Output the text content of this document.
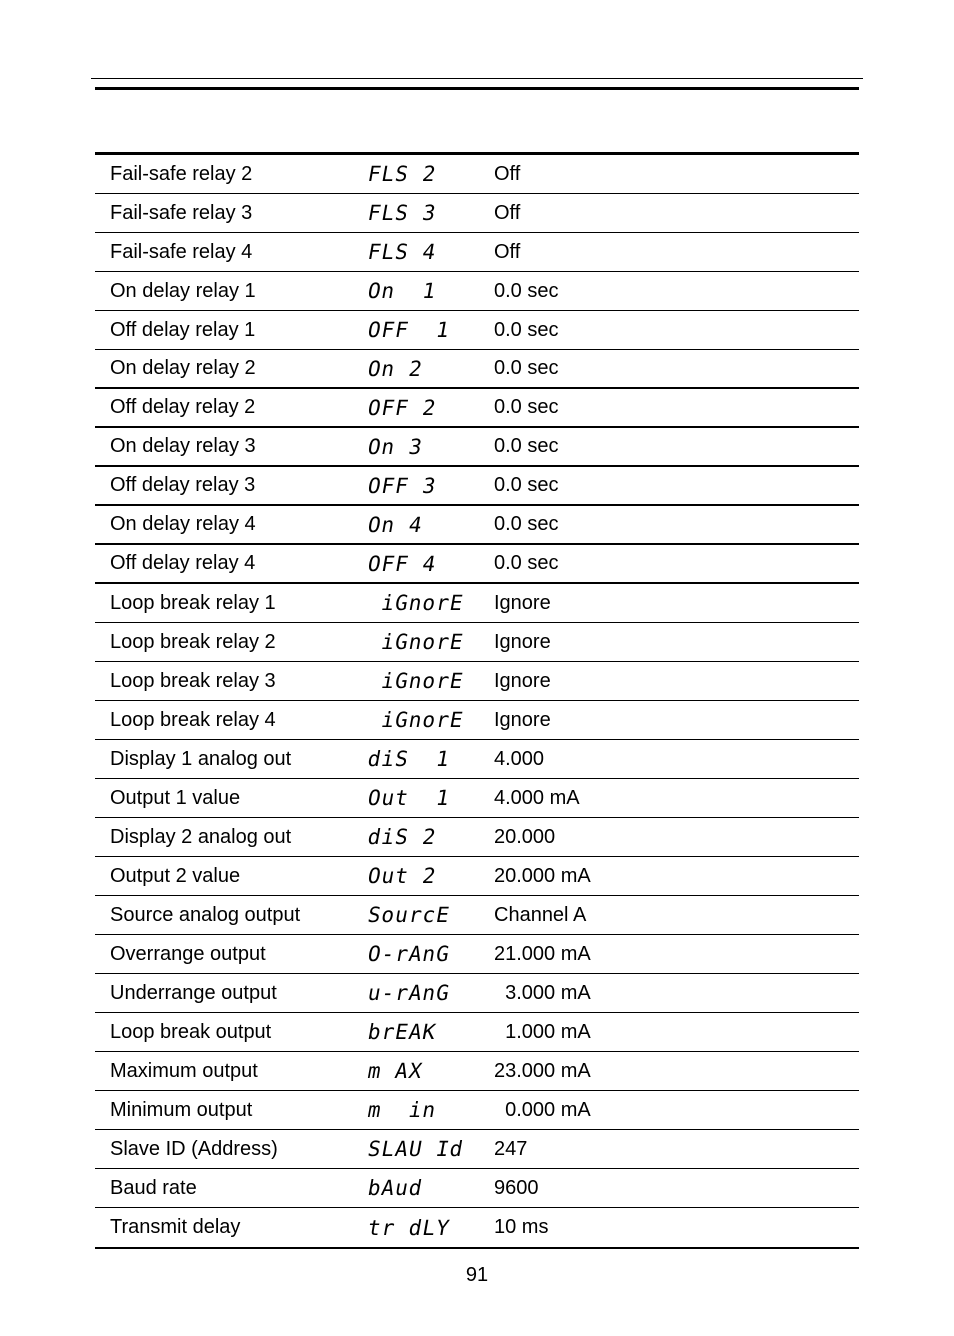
Fail-safe relay 2	FLS 2	Off
Fail-safe relay 3	FLS 3	Off
Fail-safe relay 4	FLS 4	Off
On delay relay 1	On  1	0.0 sec
Off delay relay 1	OFF  1	0.0 sec
On delay relay 2	On 2	0.0 sec
Off delay relay 2	OFF 2	0.0 sec
On delay relay 3	On 3	0.0 sec
Off delay relay 3	OFF 3	0.0 sec
On delay relay 4	On 4	0.0 sec
Off delay relay 4	OFF 4	0.0 sec
Loop break relay 1	iGnorE	Ignore
Loop break relay 2	iGnorE	Ignore
Loop break relay 3	iGnorE	Ignore
Loop break relay 4	iGnorE	Ignore
Display 1 analog out	diS  1	4.000
Output 1 value	Out  1	4.000 mA
Display 2 analog out	diS 2	20.000
Output 2 value	Out 2	20.000 mA
Source analog output	SourcE	Channel A
Overrange output	O-rAnG	21.000 mA
Underrange output	u-rAnG	3.000 mA
Loop break output	brEAK	1.000 mA
Maximum output	m AX	23.000 mA
Minimum output	m  in	0.000 mA
Slave ID (Address)	SLAU Id	247
Baud rate	bAud	9600
Transmit delay	tr dLY	10 ms
91
